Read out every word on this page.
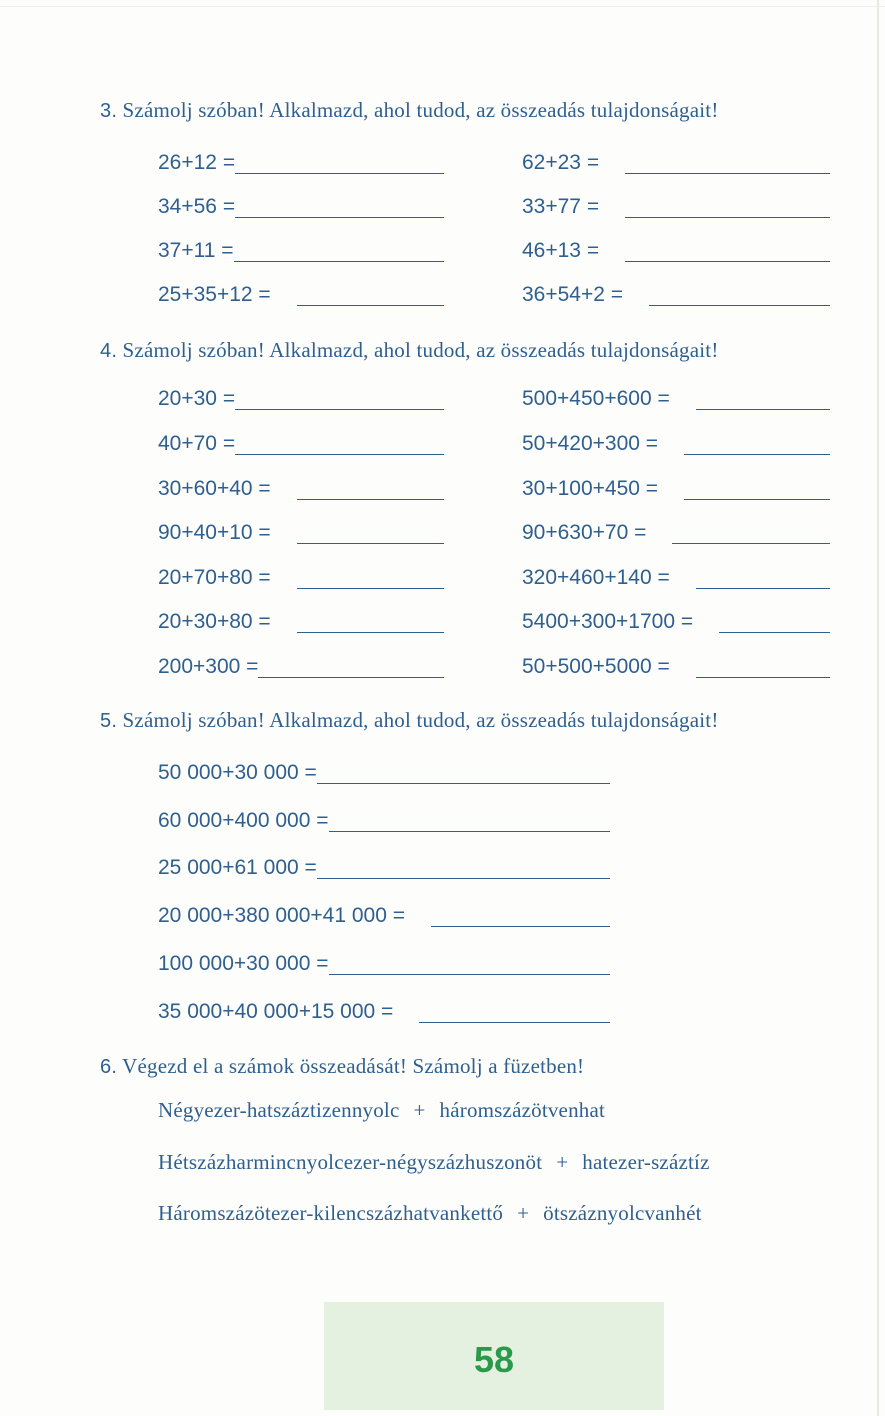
3. Számolj szóban! Alkalmazd, ahol tudod, az összeadás tulajdonságait!
26+12 =
34+56 =
37+11 =
25+35+12 =
62+23 =
33+77 =
46+13 =
36+54+2 =
4. Számolj szóban! Alkalmazd, ahol tudod, az összeadás tulajdonságait!
20+30 =
40+70 =
30+60+40 =
90+40+10 =
20+70+80 =
20+30+80 =
200+300 =
500+450+600 =
50+420+300 =
30+100+450 =
90+630+70 =
320+460+140 =
5400+300+1700 =
50+500+5000 =
5. Számolj szóban! Alkalmazd, ahol tudod, az összeadás tulajdonságait!
50 000+30 000 =
60 000+400 000 =
25 000+61 000 =
20 000+380 000+41 000 =
100 000+30 000 =
35 000+40 000+15 000 =
6. Végezd el a számok összeadását! Számolj a füzetben!
Négyezer-hatszáztizennyolc + háromszázötvenhat
Hétszázharmincnyolcezer-négyszázhuszonöt + hatezer-száztíz
Háromszázötezer-kilencszázhatvankettő + ötszáznyolcvanhét
58
